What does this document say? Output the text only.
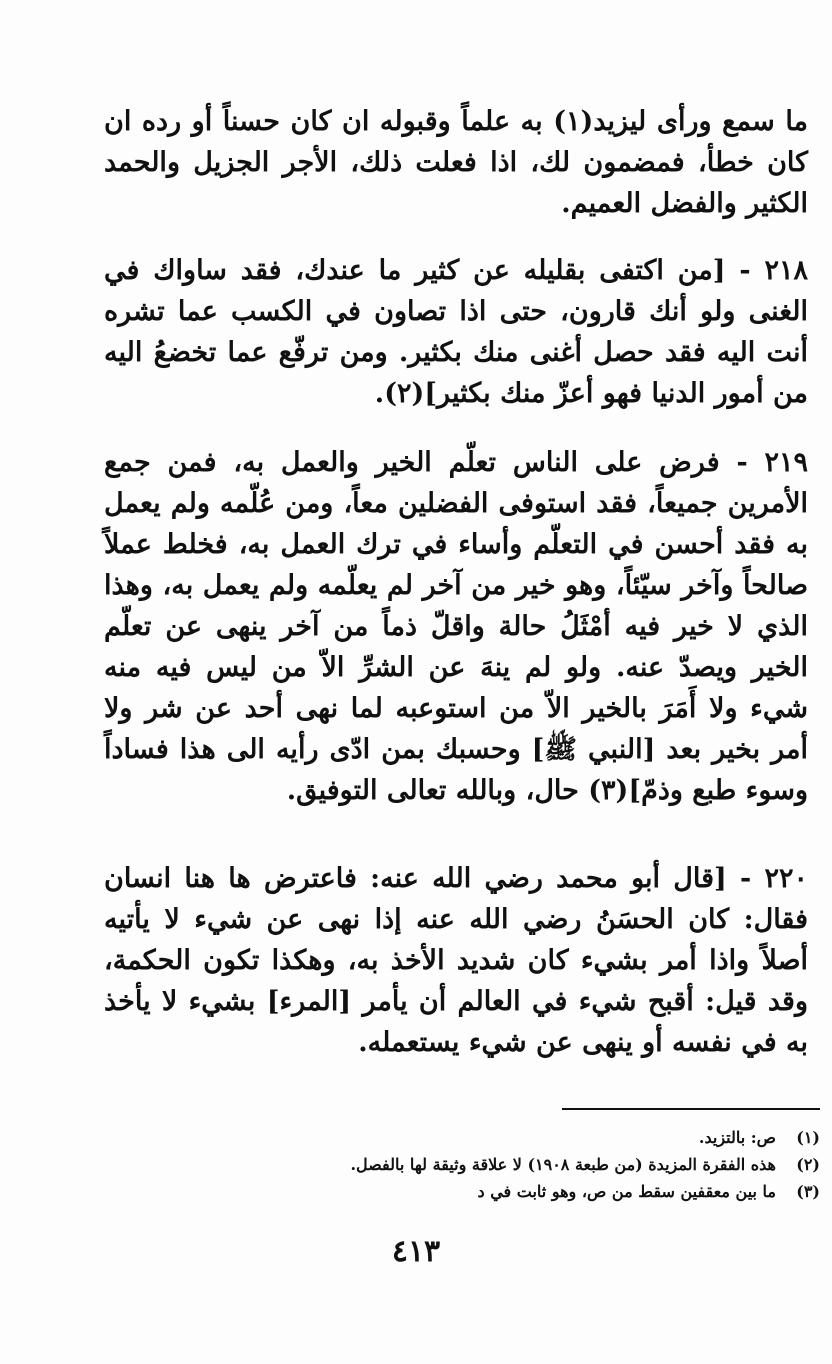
ما سمع ورأى ليزيد(١) به علماً وقبوله ان كان حسناً أو رده ان كان خطأ، فمضمون لك، اذا فعلت ذلك، الأجر الجزيل والحمد الكثير والفضل العميم.

٢١٨ - [من اكتفى بقليله عن كثير ما عندك، فقد ساواك في الغنى ولو أنك قارون، حتى اذا تصاون في الكسب عما تشره أنت اليه فقد حصل أغنى منك بكثير. ومن ترفّع عما تخضعُ اليه من أمور الدنيا فهو أعزّ منك بكثير](٢).

٢١٩ - فرض على الناس تعلّم الخير والعمل به، فمن جمع الأمرين جميعاً، فقد استوفى الفضلين معاً، ومن عُلّمه ولم يعمل به فقد أحسن في التعلّم وأساء في ترك العمل به، فخلط عملاً صالحاً وآخر سيّئاً، وهو خير من آخر لم يعلّمه ولم يعمل به، وهذا الذي لا خير فيه أمْثَلُ حالة واقلّ ذماً من آخر ينهى عن تعلّم الخير ويصدّ عنه. ولو لم ينهَ عن الشرِّ الاّ من ليس فيه منه شيء ولا أَمَرَ بالخير الاّ من استوعبه لما نهى أحد عن شر ولا أمر بخير بعد [النبي ﷺ] وحسبك بمن ادّى رأيه الى هذا فساداً وسوء طبع وذمّ](٣) حال، وبالله تعالى التوفيق.

٢٢٠ - [قال أبو محمد رضي الله عنه: فاعترض ها هنا انسان فقال: كان الحسَنُ رضي الله عنه إذا نهى عن شيء لا يأتيه أصلاً واذا أمر بشيء كان شديد الأخذ به، وهكذا تكون الحكمة، وقد قيل: أقبح شيء في العالم أن يأمر [المرء] بشيء لا يأخذ به في نفسه أو ينهى عن شيء يستعمله.

(١)
ص: بالتزيد.
(٢)
هذه الفقرة المزيدة (من طبعة ١٩٠٨) لا علاقة وثيقة لها بالفصل.
(٣)
ما بين معقفين سقط من ص، وهو ثابت في د
٤١٣
